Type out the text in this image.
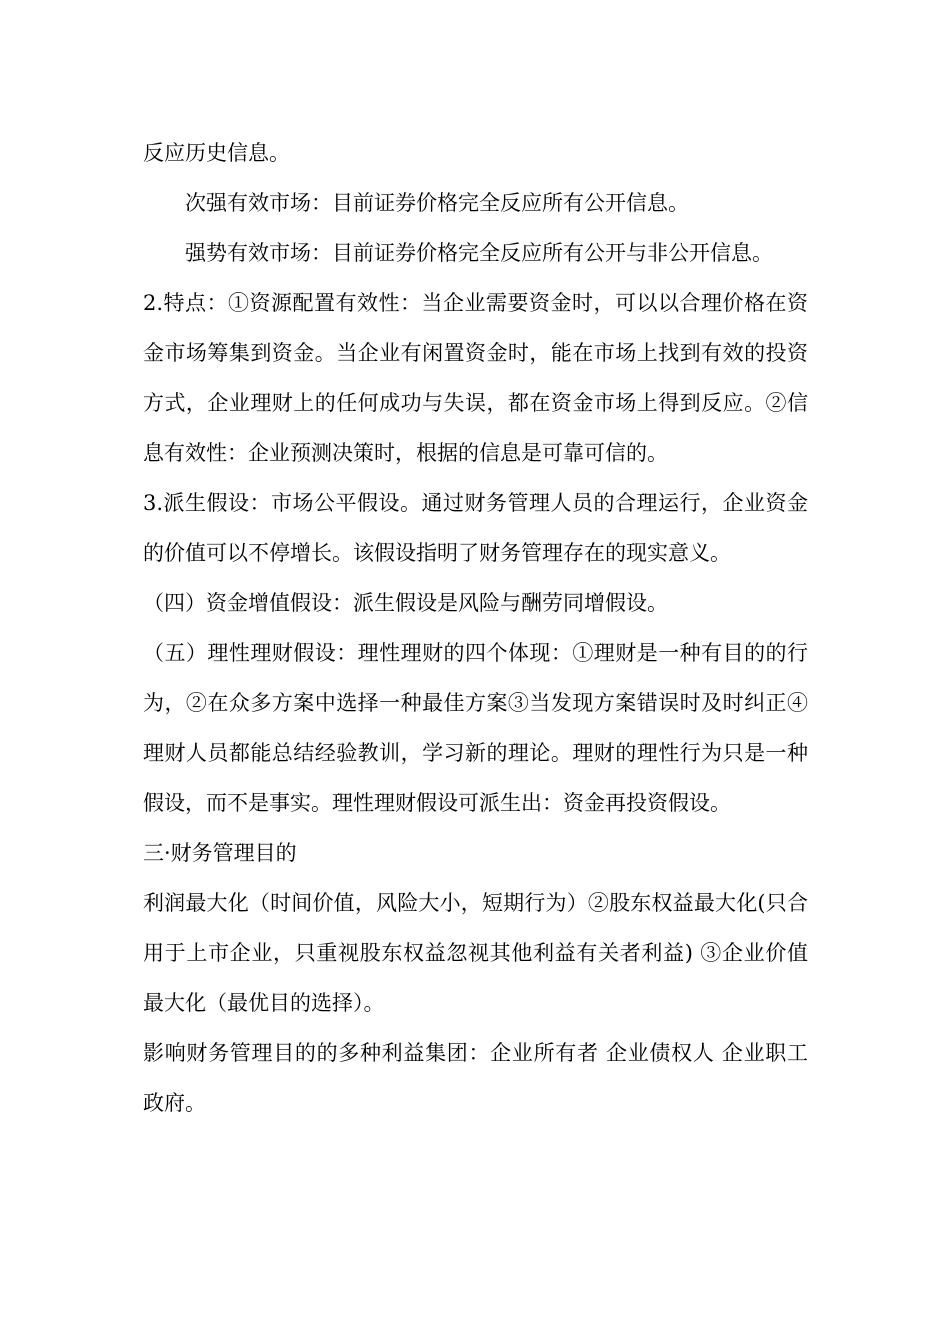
反应历史信息。

次强有效市场：目前证券价格完全反应所有公开信息。

强势有效市场：目前证券价格完全反应所有公开与非公开信息。

2.特点：①资源配置有效性：当企业需要资金时，可以以合理价格在资金市场筹集到资金。当企业有闲置资金时，能在市场上找到有效的投资方式，企业理财上的任何成功与失误，都在资金市场上得到反应。②信息有效性：企业预测决策时，根据的信息是可靠可信的。

3.派生假设：市场公平假设。通过财务管理人员的合理运行，企业资金的价值可以不停增长。该假设指明了财务管理存在的现实意义。

（四）资金增值假设：派生假设是风险与酬劳同增假设。

（五）理性理财假设：理性理财的四个体现：①理财是一种有目的的行为，②在众多方案中选择一种最佳方案③当发现方案错误时及时纠正④理财人员都能总结经验教训，学习新的理论。理财的理性行为只是一种假设，而不是事实。理性理财假设可派生出：资金再投资假设。

三·财务管理目的

利润最大化（时间价值，风险大小，短期行为）②股东权益最大化(只合用于上市企业，只重视股东权益忽视其他利益有关者利益) ③企业价值最大化（最优目的选择）。

影响财务管理目的的多种利益集团：企业所有者 企业债权人 企业职工 政府。
